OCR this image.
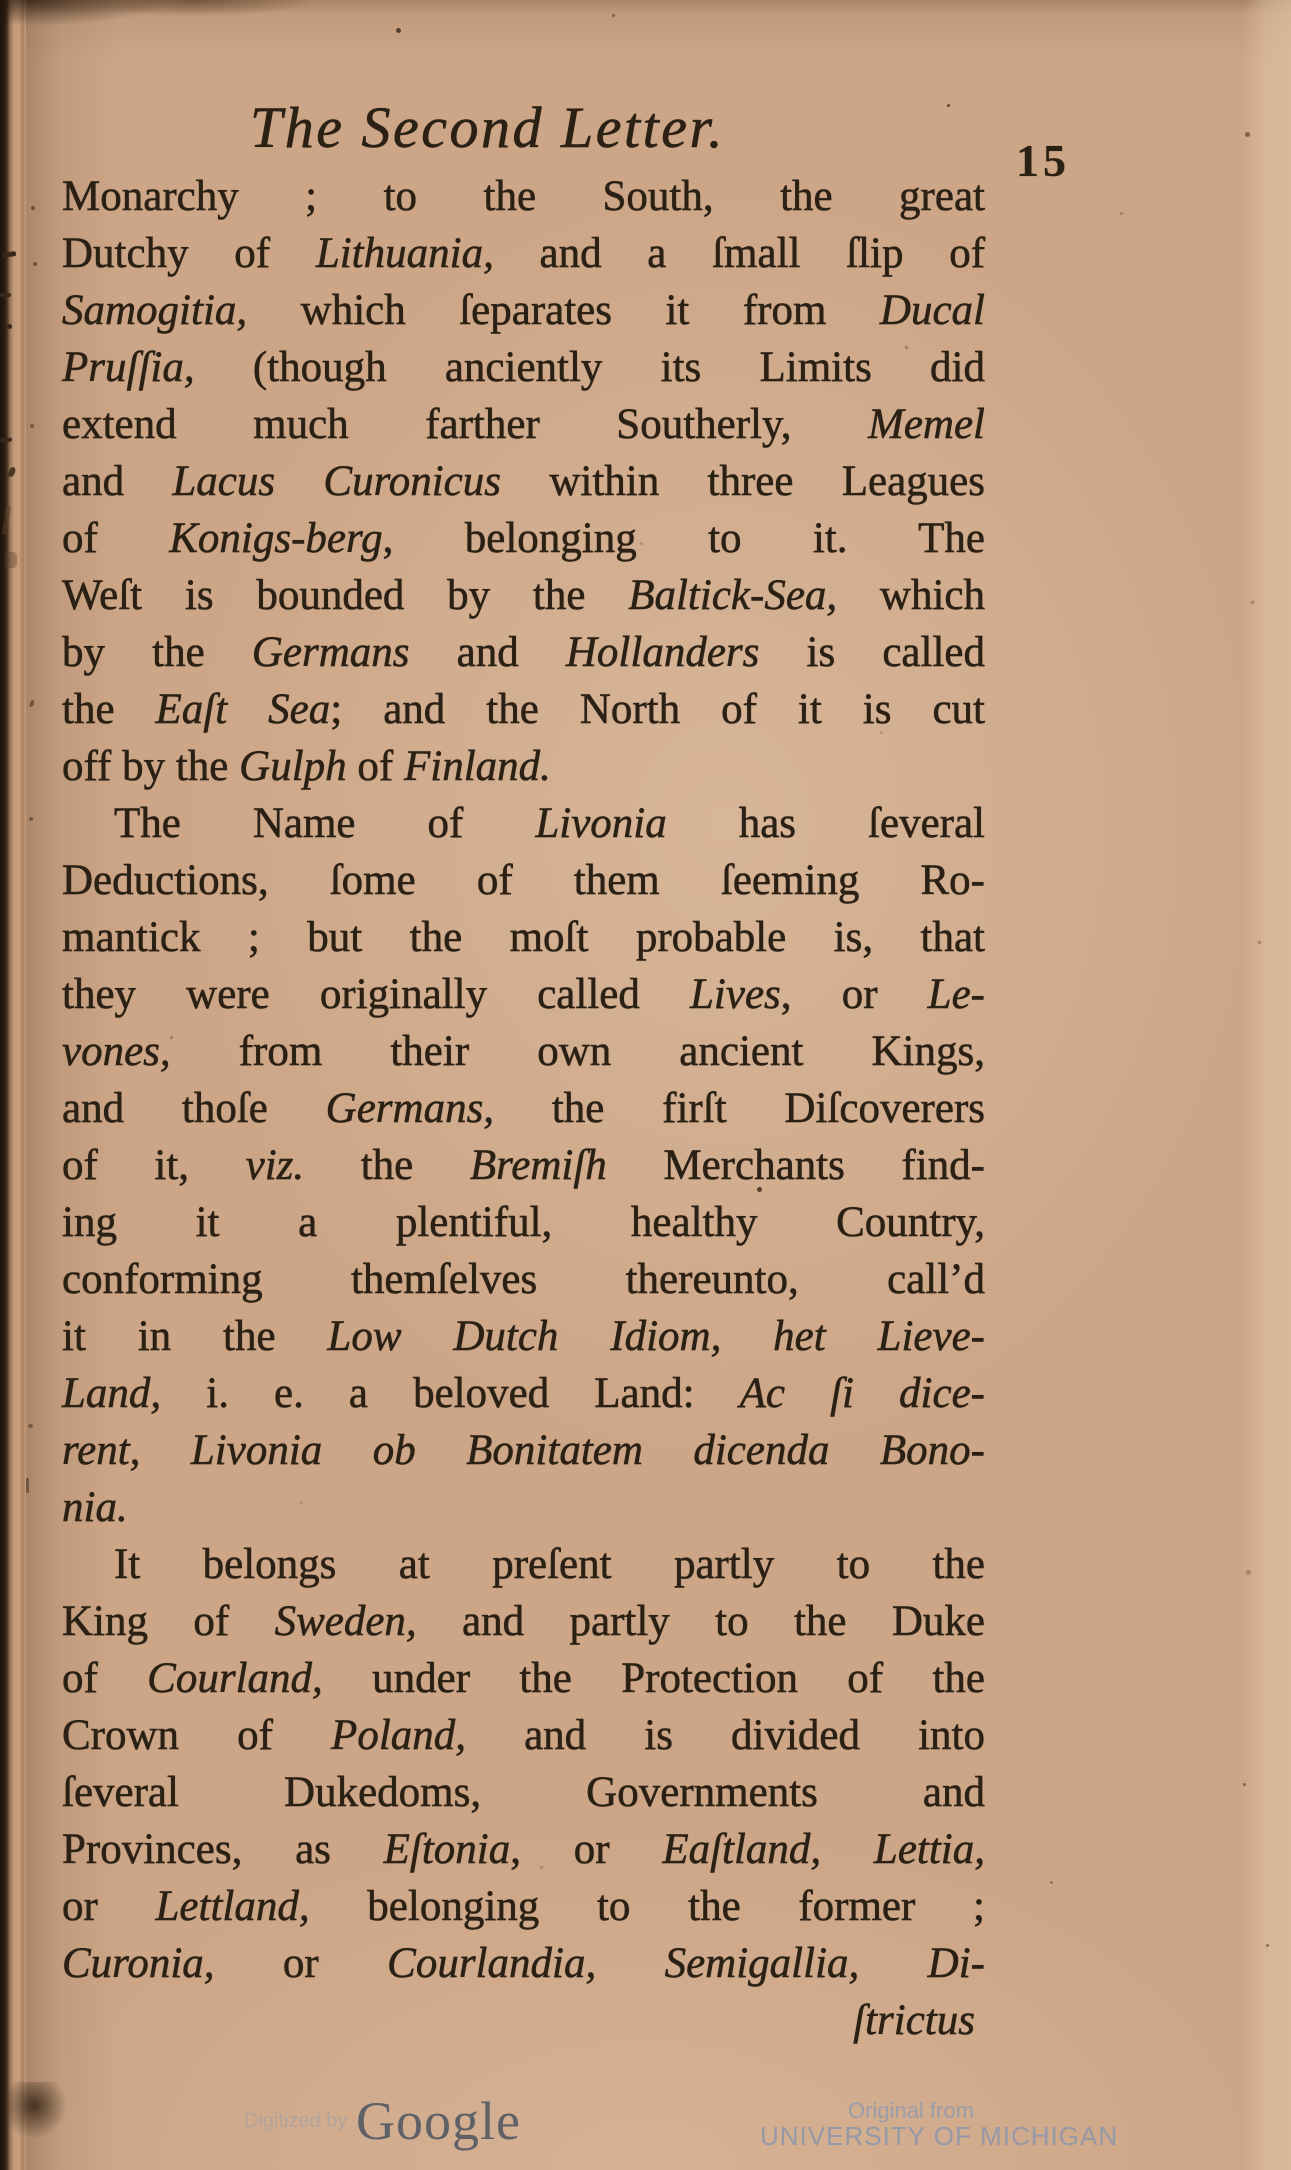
The Second Letter.
15
Monarchy ; to the South, the great
Dutchy of Lithuania, and a ſmall ſlip of
Samogitia, which ſeparates it from Ducal
Pruſſia, (though anciently its Limits did
extend much farther Southerly, Memel
and Lacus Curonicus within three Leagues
of Konigs-berg, belonging to it. The
Weſt is bounded by the Baltick-Sea, which
by the Germans and Hollanders is called
the Eaſt Sea; and the North of it is cut
off by the Gulph of Finland.
The Name of Livonia has ſeveral
Deductions, ſome of them ſeeming Ro-
mantick ; but the moſt probable is, that
they were originally called Lives, or Le-
vones, from their own ancient Kings,
and thoſe Germans, the firſt Diſcoverers
of it, viz. the Bremiſh Merchants find-
ing it a plentiful, healthy Country,
conforming themſelves thereunto, call’d
it in the Low Dutch Idiom, het Lieve-
Land, i. e. a beloved Land: Ac ſi dice-
rent, Livonia ob Bonitatem dicenda Bono-
nia.
It belongs at preſent partly to the
King of Sweden, and partly to the Duke
of Courland, under the Protection of the
Crown of Poland, and is divided into
ſeveral Dukedoms, Governments and
Provinces, as Eſtonia, or Eaſtland, Lettia,
or Lettland, belonging to the former ;
Curonia, or Courlandia, Semigallia, Di-
ſtrictus
Digitized by Google	Original from
UNIVERSITY OF MICHIGAN
